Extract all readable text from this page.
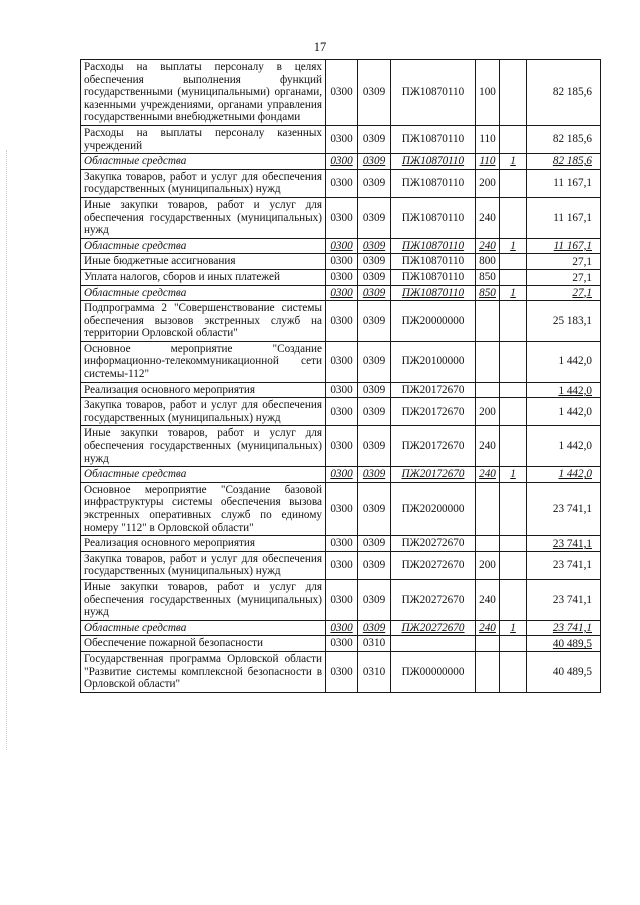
17
Расходы на выплаты персоналу в целях обеспечения выполнения функций государственными (муниципальными) органами, казенными учреждениями, органами управления государственными внебюджетными фондами	0300	0309	ПЖ10870110	100		82 185,6
Расходы на выплаты персоналу казенных учреждений	0300	0309	ПЖ10870110	110		82 185,6
Областные средства	0300	0309	ПЖ10870110	110	1	82 185,6
Закупка товаров, работ и услуг для обеспечения государственных (муниципальных) нужд	0300	0309	ПЖ10870110	200		11 167,1
Иные закупки товаров, работ и услуг для обеспечения государственных (муниципальных) нужд	0300	0309	ПЖ10870110	240		11 167,1
Областные средства	0300	0309	ПЖ10870110	240	1	11 167,1
Иные бюджетные ассигнования	0300	0309	ПЖ10870110	800		27,1
Уплата налогов, сборов и иных платежей	0300	0309	ПЖ10870110	850		27,1
Областные средства	0300	0309	ПЖ10870110	850	1	27,1
Подпрограмма 2 "Совершенствование системы обеспечения вызовов экстренных служб на территории Орловской области"	0300	0309	ПЖ20000000			25 183,1
Основное мероприятие "Создание информационно-телекоммуникационной сети системы-112"	0300	0309	ПЖ20100000			1 442,0
Реализация основного мероприятия	0300	0309	ПЖ20172670			1 442,0
Закупка товаров, работ и услуг для обеспечения государственных (муниципальных) нужд	0300	0309	ПЖ20172670	200		1 442,0
Иные закупки товаров, работ и услуг для обеспечения государственных (муниципальных) нужд	0300	0309	ПЖ20172670	240		1 442,0
Областные средства	0300	0309	ПЖ20172670	240	1	1 442,0
Основное мероприятие "Создание базовой инфраструктуры системы обеспечения вызова экстренных оперативных служб по единому номеру "112" в Орловской области"	0300	0309	ПЖ20200000			23 741,1
Реализация основного мероприятия	0300	0309	ПЖ20272670			23 741,1
Закупка товаров, работ и услуг для обеспечения государственных (муниципальных) нужд	0300	0309	ПЖ20272670	200		23 741,1
Иные закупки товаров, работ и услуг для обеспечения государственных (муниципальных) нужд	0300	0309	ПЖ20272670	240		23 741,1
Областные средства	0300	0309	ПЖ20272670	240	1	23 741,1
Обеспечение пожарной безопасности	0300	0310				40 489,5
Государственная программа Орловской области "Развитие системы комплексной безопасности в Орловской области"	0300	0310	ПЖ00000000			40 489,5
